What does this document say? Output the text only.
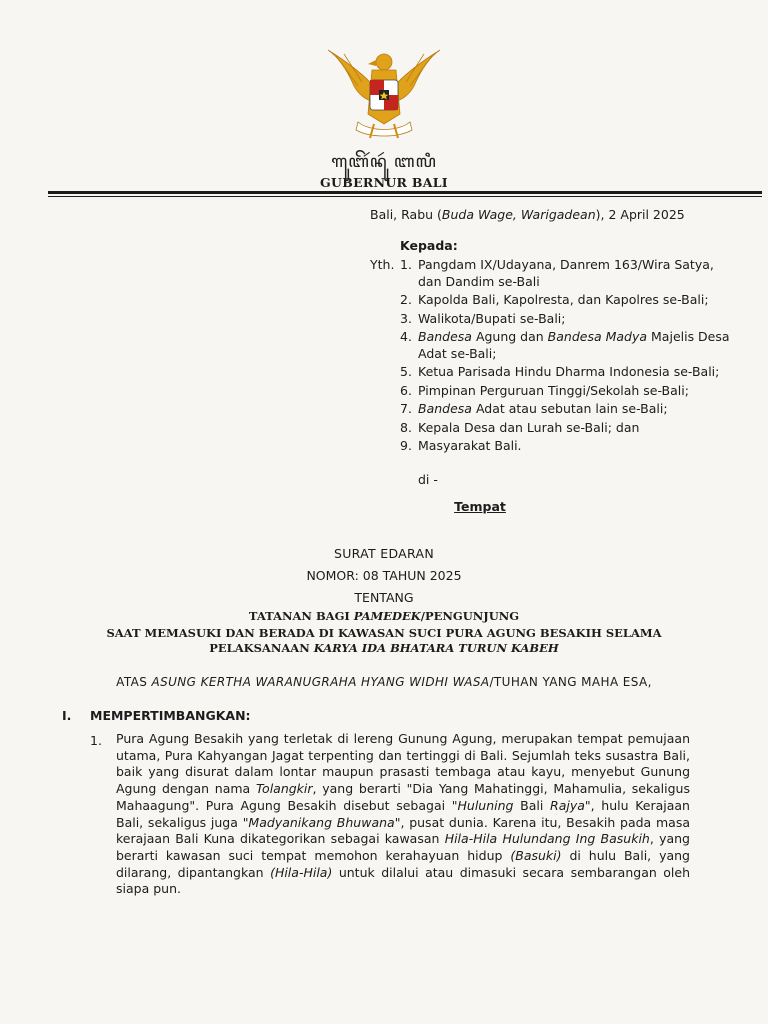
ꦒꦸꦧꦼꦂꦤꦸꦂ ꦧꦭꦶ
GUBERNUR BALI
Bali, Rabu (Buda Wage, Warigadean), 2 April 2025
Kepada:
Yth. 1. Pangdam IX/Udayana, Danrem 163/Wira Satya, dan Dandim se-Bali
2. Kapolda Bali, Kapolresta, dan Kapolres se-Bali;
3. Walikota/Bupati se-Bali;
4. Bandesa Agung dan Bandesa Madya Majelis Desa Adat se-Bali;
5. Ketua Parisada Hindu Dharma Indonesia se-Bali;
6. Pimpinan Perguruan Tinggi/Sekolah se-Bali;
7. Bandesa Adat atau sebutan lain se-Bali;
8. Kepala Desa dan Lurah se-Bali; dan
9. Masyarakat Bali.
di -
Tempat
SURAT EDARAN
NOMOR: 08 TAHUN 2025
TENTANG
TATANAN BAGI PAMEDEK/PENGUNJUNG
SAAT MEMASUKI DAN BERADA DI KAWASAN SUCI PURA AGUNG BESAKIH SELAMA
PELAKSANAAN KARYA IDA BHATARA TURUN KABEH
ATAS ASUNG KERTHA WARANUGRAHA HYANG WIDHI WASA/TUHAN YANG MAHA ESA,
I. MEMPERTIMBANGKAN:
1. Pura Agung Besakih yang terletak di lereng Gunung Agung, merupakan tempat pemujaan utama, Pura Kahyangan Jagat terpenting dan tertinggi di Bali. Sejumlah teks susastra Bali, baik yang disurat dalam lontar maupun prasasti tembaga atau kayu, menyebut Gunung Agung dengan nama Tolangkir, yang berarti "Dia Yang Mahatinggi, Mahamulia, sekaligus Mahaagung". Pura Agung Besakih disebut sebagai "Huluning Bali Rajya", hulu Kerajaan Bali, sekaligus juga "Madyanikang Bhuwana", pusat dunia. Karena itu, Besakih pada masa kerajaan Bali Kuna dikategorikan sebagai kawasan Hila-Hila Hulundang Ing Basukih, yang berarti kawasan suci tempat memohon kerahayuan hidup (Basuki) di hulu Bali, yang dilarang, dipantangkan (Hila-Hila) untuk dilalui atau dimasuki secara sembarangan oleh siapa pun.
